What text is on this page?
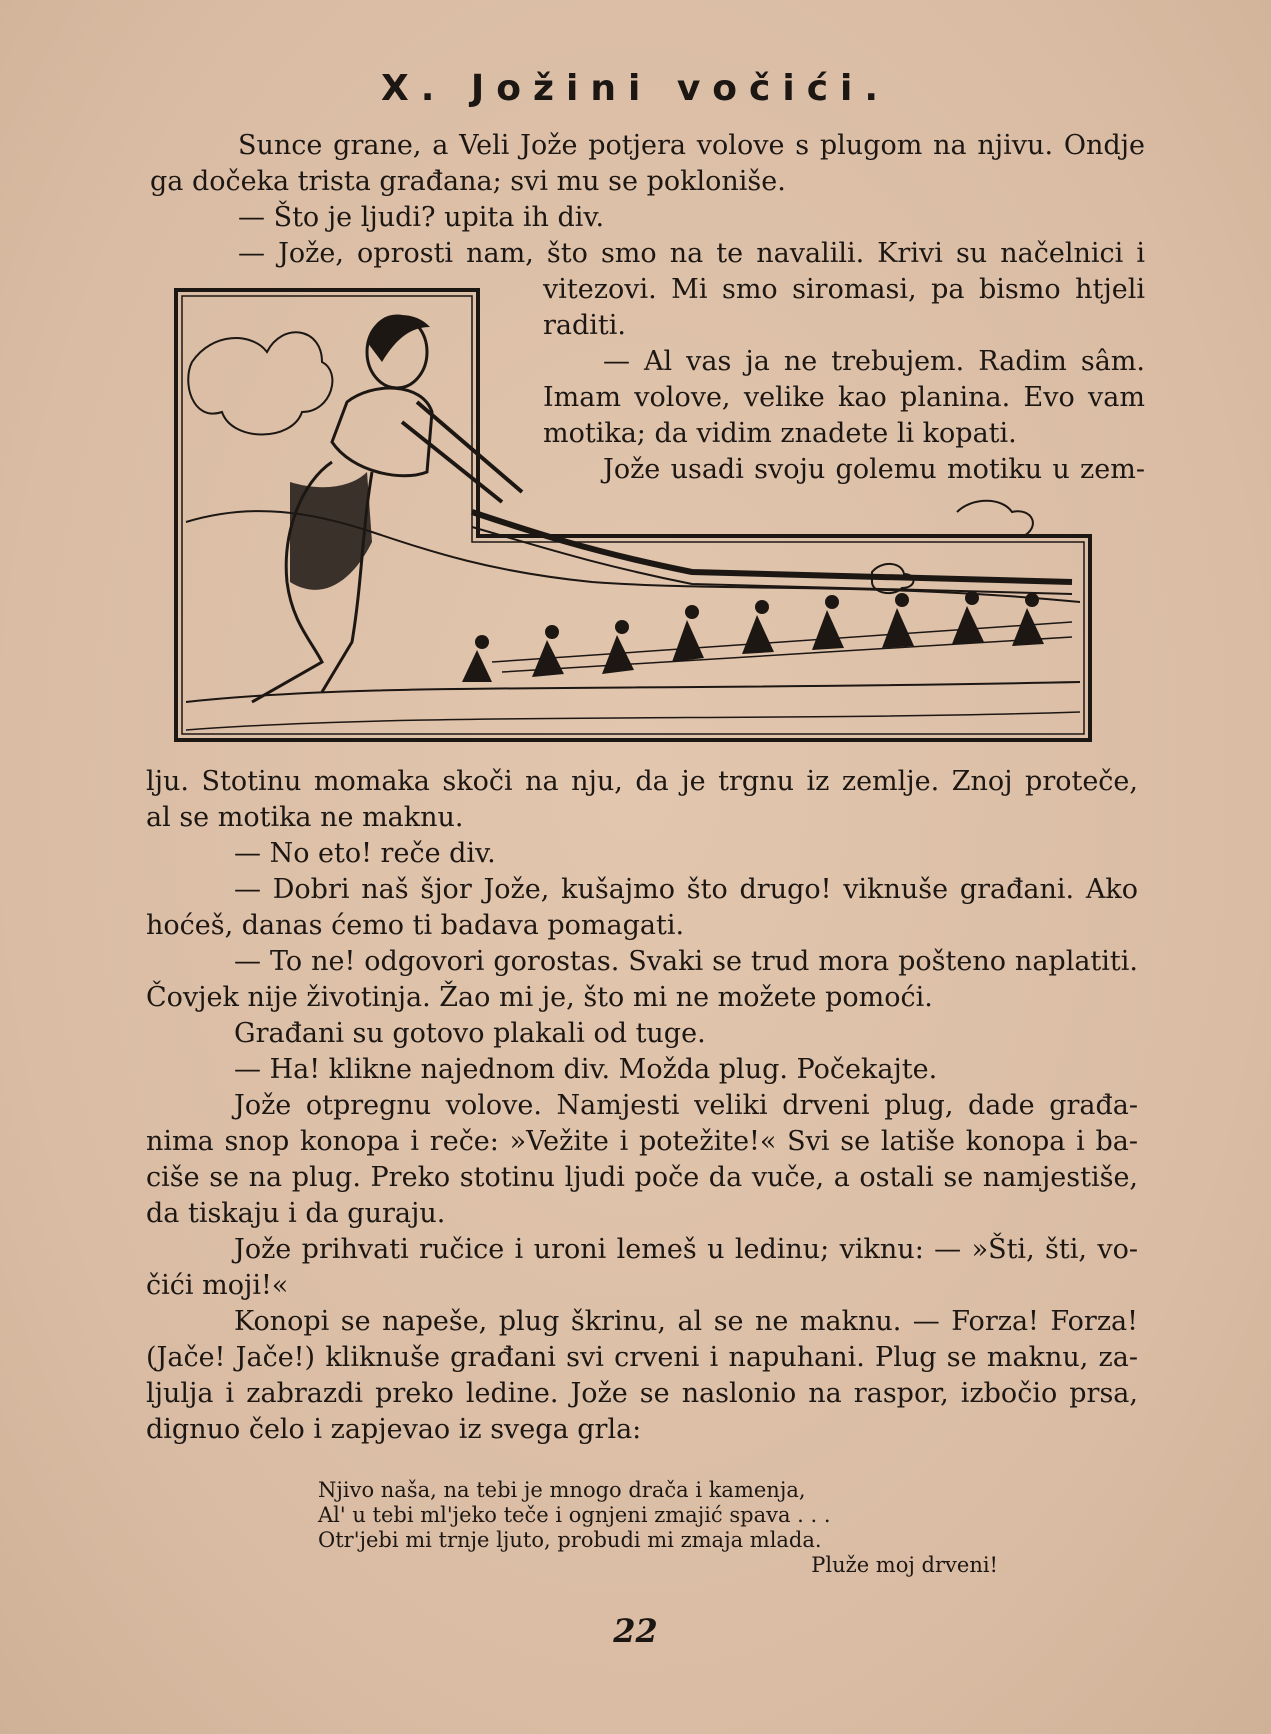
X. Jožini vočići.
Sunce grane, a Veli Jože potjera volove s plugom na njivu. Ondje
ga dočeka trista građana; svi mu se pokloniše.
— Što je ljudi? upita ih div.
— Jože, oprosti nam, što smo na te navalili. Krivi su načelnici i
vitezovi. Mi smo siromasi, pa bismo htjeli
raditi.
— Al vas ja ne trebujem. Radim sâm.
Imam volove, velike kao planina. Evo vam
motika; da vidim znadete li kopati.
Jože usadi svoju golemu motiku u zem-
lju. Stotinu momaka skoči na nju, da je trgnu iz zemlje. Znoj proteče,
al se motika ne maknu.
— No eto! reče div.
— Dobri naš šjor Jože, kušajmo što drugo! viknuše građani. Ako
hoćeš, danas ćemo ti badava pomagati.
— To ne! odgovori gorostas. Svaki se trud mora pošteno naplatiti.
Čovjek nije životinja. Žao mi je, što mi ne možete pomoći.
Građani su gotovo plakali od tuge.
— Ha! klikne najednom div. Možda plug. Počekajte.
Jože otpregnu volove. Namjesti veliki drveni plug, dade građa-
nima snop konopa i reče: »Vežite i potežite!« Svi se latiše konopa i ba-
ciše se na plug. Preko stotinu ljudi poče da vuče, a ostali se namjestiše,
da tiskaju i da guraju.
Jože prihvati ručice i uroni lemeš u ledinu; viknu: — »Šti, šti, vo-
čići moji!«
Konopi se napeše, plug škrinu, al se ne maknu. — Forza! Forza!
(Jače! Jače!) kliknuše građani svi crveni i napuhani. Plug se maknu, za-
ljulja i zabrazdi preko ledine. Jože se naslonio na raspor, izbočio prsa,
dignuo čelo i zapjevao iz svega grla:
Njivo naša, na tebi je mnogo drača i kamenja,
Al' u tebi ml'jeko teče i ognjeni zmajić spava . . .
Otr'jebi mi trnje ljuto, probudi mi zmaja mlada.
Pluže moj drveni!
22
